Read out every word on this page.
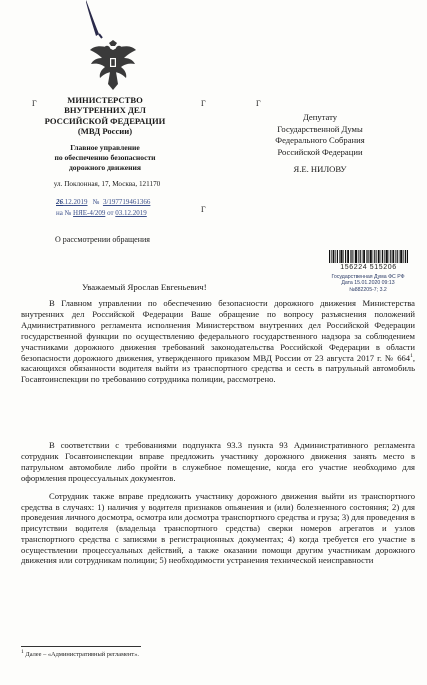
МИНИСТЕРСТВО
ВНУТРЕННИХ ДЕЛ
РОССИЙСКОЙ ФЕДЕРАЦИИ
(МВД России)
Главное управление
по обеспечению безопасности
дорожного движения
ул. Поклонная, 17, Москва, 121170
26.12.2019 № 3/197719461366
на № НЯЕ-4/209 от 03.12.2019
О рассмотрении обращения
Г	Г	Г
Г
Депутату
Государственной Думы
Федерального Собрания
Российской Федерации
Я.Е. НИЛОВУ
156224 515206
Государственная Дума ФС РФ
Дата 15.01.2020 09:13
№882205-7; 3.2
Уважаемый Ярослав Евгеньевич!
В Главном управлении по обеспечению безопасности дорожного движения Министерства внутренних дел Российской Федерации Ваше обращение по вопросу разъяснения положений Административного регламента исполнения Министерством внутренних дел Российской Федерации государственной функции по осуществлению федерального государственного надзора за соблюдением участниками дорожного движения требований законодательства Российской Федерации в области безопасности дорожного движения, утвержденного приказом МВД России от 23 августа 2017 г. № $664^1$, касающихся обязанности водителя выйти из транспортного средства и сесть в патрульный автомобиль Госавтоинспекции по требованию сотрудника полиции, рассмотрено.
В соответствии с требованиями подпункта 93.3 пункта 93 Административного регламента сотрудник Госавтоинспекции вправе предложить участнику дорожного движения занять место в патрульном автомобиле либо пройти в служебное помещение, когда его участие необходимо для оформления процессуальных документов.
Сотрудник также вправе предложить участнику дорожного движения выйти из транспортного средства в случаях: 1) наличия у водителя признаков опьянения и (или) болезненного состояния; 2) для проведения личного досмотра, осмотра или досмотра транспортного средства и груза; 3) для проведения в присутствии водителя (владельца транспортного средства) сверки номеров агрегатов и узлов транспортного средства с записями в регистрационных документах; 4) когда требуется его участие в осуществлении процессуальных действий, а также оказании помощи другим участникам дорожного движения или сотрудникам полиции; 5) необходимости устранения технической неисправности
$^1$ Далее – «Административный регламент».
